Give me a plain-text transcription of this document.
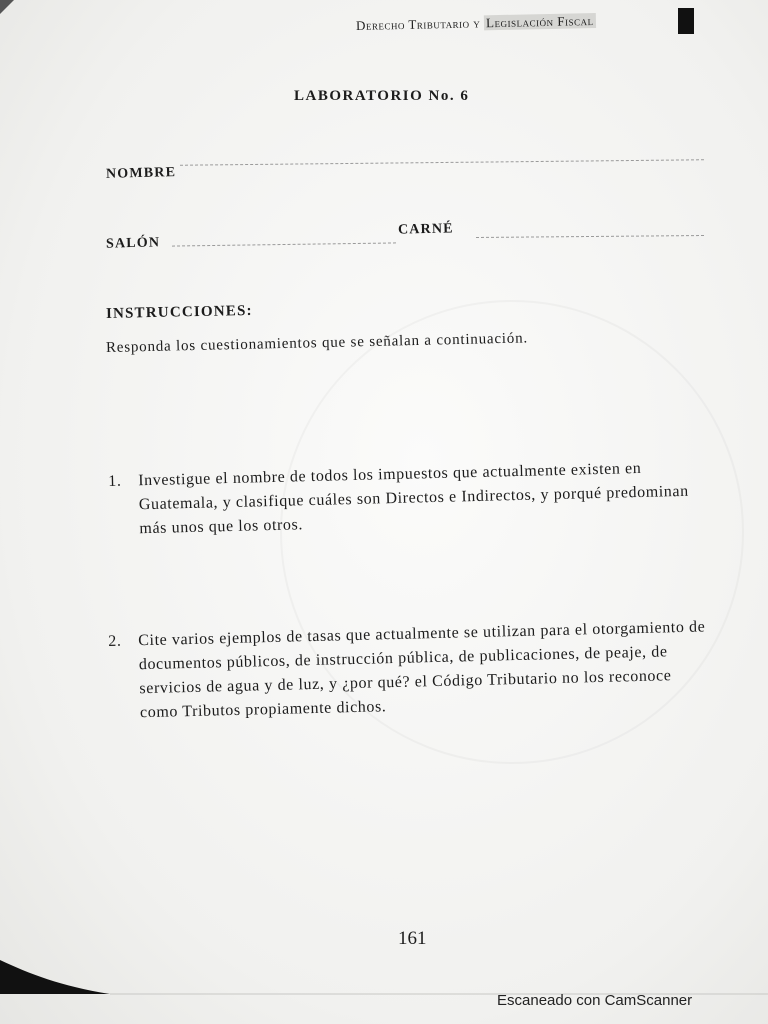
Derecho Tributario y Legislación Fiscal
LABORATORIO No. 6
NOMBRE
SALÓN
CARNÉ
INSTRUCCIONES:
Responda los cuestionamientos que se señalan a continuación.
1. Investigue el nombre de todos los impuestos que actualmente existen en Guatemala, y clasifique cuáles son Directos e Indirectos, y porqué predominan más unos que los otros.
2. Cite varios ejemplos de tasas que actualmente se utilizan para el otorgamiento de documentos públicos, de instrucción pública, de publicaciones, de peaje, de servicios de agua y de luz, y ¿por qué? el Código Tributario no los reconoce como Tributos propiamente dichos.
161
Escaneado con CamScanner
